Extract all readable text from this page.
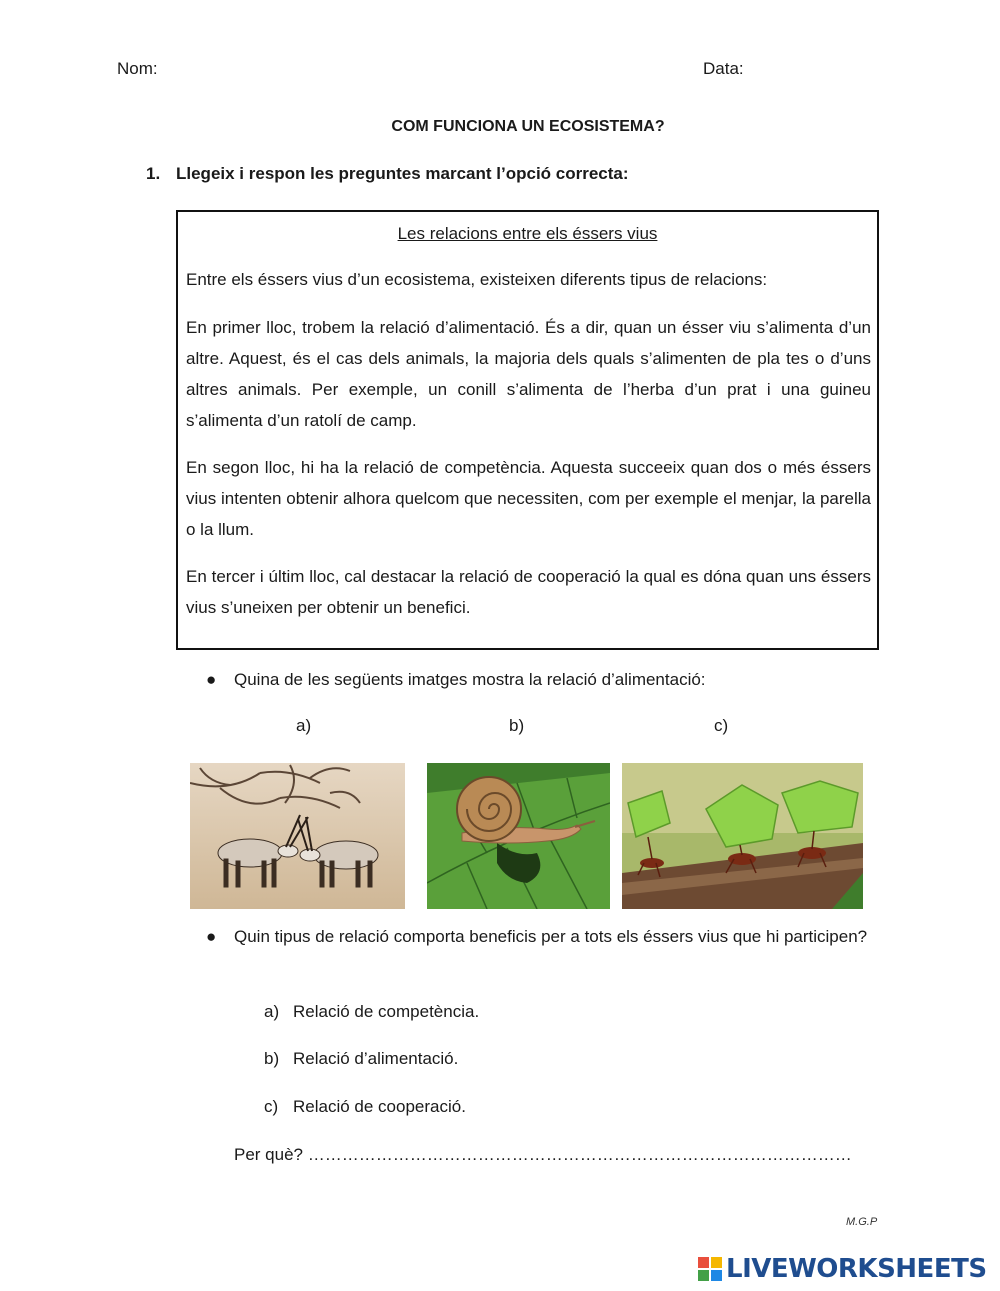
Nom:	Data:
COM FUNCIONA UN ECOSISTEMA?
1. Llegeix i respon les preguntes marcant l’opció correcta:
Les relacions entre els éssers vius

Entre els éssers vius d’un ecosistema, existeixen diferents tipus de relacions:

En primer lloc, trobem la relació d’alimentació. És a dir, quan un ésser viu s’alimenta d’un altre. Aquest, és el cas dels animals, la majoria dels quals s’alimenten de pla tes o d’uns altres animals. Per exemple, un conill s’alimenta de l’herba d’un prat i una guineu s’alimenta d’un ratolí de camp.

En segon lloc, hi ha la relació de competència. Aquesta succeeix quan dos o més éssers vius intenten obtenir alhora quelcom que necessiten, com per exemple el menjar, la parella o la llum.

En tercer i últim lloc, cal destacar la relació de cooperació la qual es dóna quan uns éssers vius s’uneixen per obtenir un benefici.

● Quina de les següents imatges mostra la relació d’alimentació:
a)	b)	c)
● Quin tipus de relació comporta beneficis per a tots els éssers vius que hi participen?
a) Relació de competència.
b) Relació d’alimentació.
c) Relació de cooperació.
Per què? ……………………………………………………………………………………
M.G.P
LIVEWORKSHEETS
